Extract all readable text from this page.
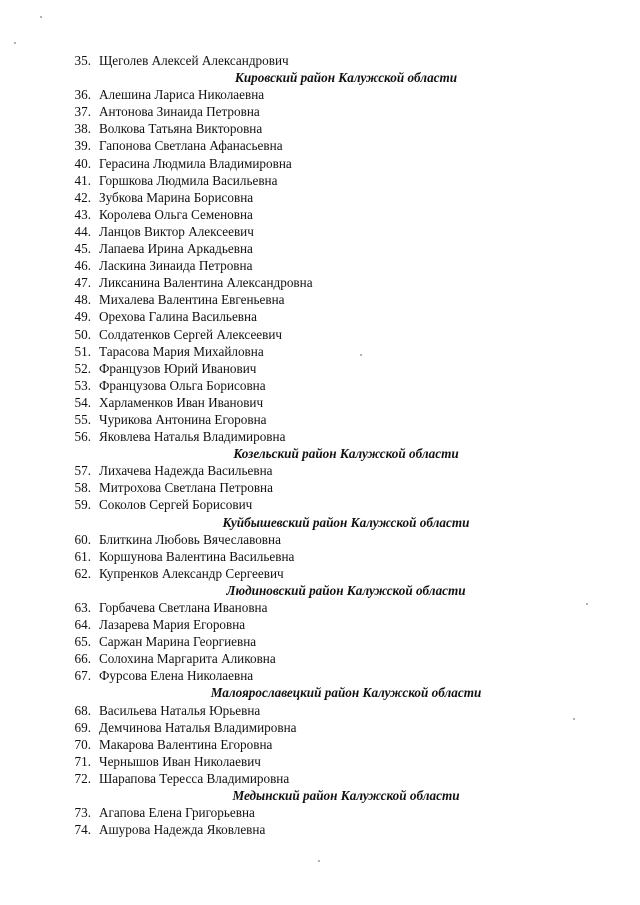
35. Щеголев Алексей Александрович
Кировский район Калужской области
36. Алешина Лариса Николаевна
37. Антонова Зинаида Петровна
38. Волкова Татьяна Викторовна
39. Гапонова Светлана Афанасьевна
40. Герасина Людмила Владимировна
41. Горшкова Людмила Васильевна
42. Зубкова Марина Борисовна
43. Королева Ольга Семеновна
44. Ланцов Виктор Алексеевич
45. Лапаева Ирина Аркадьевна
46. Ласкина Зинаида Петровна
47. Ликсанина Валентина Александровна
48. Михалева Валентина Евгеньевна
49. Орехова Галина Васильевна
50. Солдатенков Сергей Алексеевич
51. Тарасова Мария Михайловна
52. Французов Юрий Иванович
53. Французова Ольга Борисовна
54. Харламенков Иван Иванович
55. Чурикова Антонина Егоровна
56. Яковлева Наталья Владимировна
Козельский район Калужской области
57. Лихачева Надежда Васильевна
58. Митрохова Светлана Петровна
59. Соколов Сергей Борисович
Куйбышевский район Калужской области
60. Блиткина Любовь Вячеславовна
61. Коршунова Валентина Васильевна
62. Купренков Александр Сергеевич
Людиновский район Калужской области
63. Горбачева Светлана Ивановна
64. Лазарева Мария Егоровна
65. Саржан Марина Георгиевна
66. Солохина Маргарита Аликовна
67. Фурсова Елена Николаевна
Малоярославецкий район Калужской области
68. Васильева Наталья Юрьевна
69. Демчинова Наталья Владимировна
70. Макарова Валентина Егоровна
71. Чернышов Иван Николаевич
72. Шарапова Тересса Владимировна
Медынский район Калужской области
73. Агапова Елена Григорьевна
74. Ашурова Надежда Яковлевна
